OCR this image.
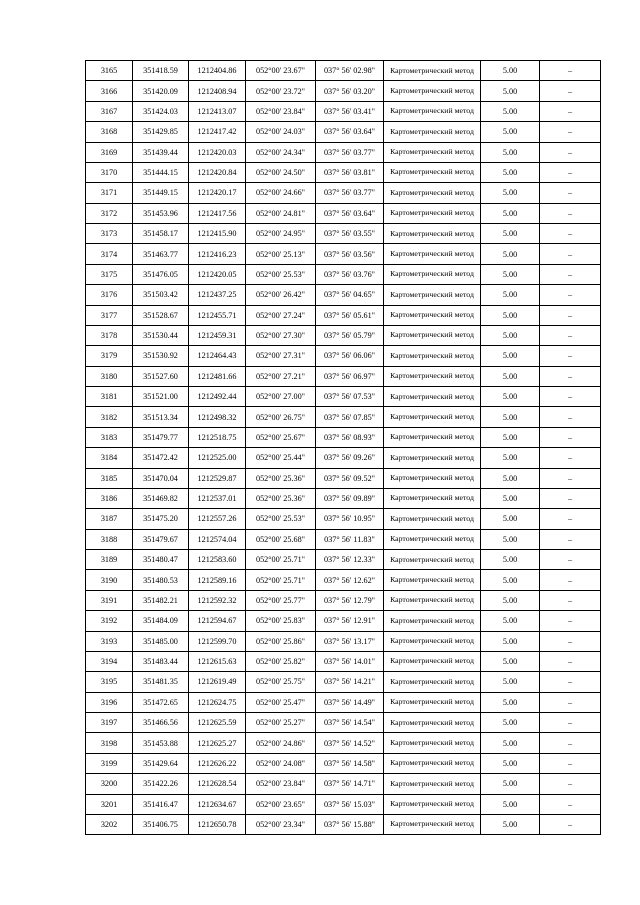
3165	351418.59	1212404.86	052°00' 23.67"	037° 56' 02.98"	Картометрический метод	5.00	–
3166	351420.09	1212408.94	052°00' 23.72"	037° 56' 03.20"	Картометрический метод	5.00	–
3167	351424.03	1212413.07	052°00' 23.84"	037° 56' 03.41"	Картометрический метод	5.00	–
3168	351429.85	1212417.42	052°00' 24.03"	037° 56' 03.64"	Картометрический метод	5.00	–
3169	351439.44	1212420.03	052°00' 24.34"	037° 56' 03.77"	Картометрический метод	5.00	–
3170	351444.15	1212420.84	052°00' 24.50"	037° 56' 03.81"	Картометрический метод	5.00	–
3171	351449.15	1212420.17	052°00' 24.66"	037° 56' 03.77"	Картометрический метод	5.00	–
3172	351453.96	1212417.56	052°00' 24.81"	037° 56' 03.64"	Картометрический метод	5.00	–
3173	351458.17	1212415.90	052°00' 24.95"	037° 56' 03.55"	Картометрический метод	5.00	–
3174	351463.77	1212416.23	052°00' 25.13"	037° 56' 03.56"	Картометрический метод	5.00	–
3175	351476.05	1212420.05	052°00' 25.53"	037° 56' 03.76"	Картометрический метод	5.00	–
3176	351503.42	1212437.25	052°00' 26.42"	037° 56' 04.65"	Картометрический метод	5.00	–
3177	351528.67	1212455.71	052°00' 27.24"	037° 56' 05.61"	Картометрический метод	5.00	–
3178	351530.44	1212459.31	052°00' 27.30"	037° 56' 05.79"	Картометрический метод	5.00	–
3179	351530.92	1212464.43	052°00' 27.31"	037° 56' 06.06"	Картометрический метод	5.00	–
3180	351527.60	1212481.66	052°00' 27.21"	037° 56' 06.97"	Картометрический метод	5.00	–
3181	351521.00	1212492.44	052°00' 27.00"	037° 56' 07.53"	Картометрический метод	5.00	–
3182	351513.34	1212498.32	052°00' 26.75"	037° 56' 07.85"	Картометрический метод	5.00	–
3183	351479.77	1212518.75	052°00' 25.67"	037° 56' 08.93"	Картометрический метод	5.00	–
3184	351472.42	1212525.00	052°00' 25.44"	037° 56' 09.26"	Картометрический метод	5.00	–
3185	351470.04	1212529.87	052°00' 25.36"	037° 56' 09.52"	Картометрический метод	5.00	–
3186	351469.82	1212537.01	052°00' 25.36"	037° 56' 09.89"	Картометрический метод	5.00	–
3187	351475.20	1212557.26	052°00' 25.53"	037° 56' 10.95"	Картометрический метод	5.00	–
3188	351479.67	1212574.04	052°00' 25.68"	037° 56' 11.83"	Картометрический метод	5.00	–
3189	351480.47	1212583.60	052°00' 25.71"	037° 56' 12.33"	Картометрический метод	5.00	–
3190	351480.53	1212589.16	052°00' 25.71"	037° 56' 12.62"	Картометрический метод	5.00	–
3191	351482.21	1212592.32	052°00' 25.77"	037° 56' 12.79"	Картометрический метод	5.00	–
3192	351484.09	1212594.67	052°00' 25.83"	037° 56' 12.91"	Картометрический метод	5.00	–
3193	351485.00	1212599.70	052°00' 25.86"	037° 56' 13.17"	Картометрический метод	5.00	–
3194	351483.44	1212615.63	052°00' 25.82"	037° 56' 14.01"	Картометрический метод	5.00	–
3195	351481.35	1212619.49	052°00' 25.75"	037° 56' 14.21"	Картометрический метод	5.00	–
3196	351472.65	1212624.75	052°00' 25.47"	037° 56' 14.49"	Картометрический метод	5.00	–
3197	351466.56	1212625.59	052°00' 25.27"	037° 56' 14.54"	Картометрический метод	5.00	–
3198	351453.88	1212625.27	052°00' 24.86"	037° 56' 14.52"	Картометрический метод	5.00	–
3199	351429.64	1212626.22	052°00' 24.08"	037° 56' 14.58"	Картометрический метод	5.00	–
3200	351422.26	1212628.54	052°00' 23.84"	037° 56' 14.71"	Картометрический метод	5.00	–
3201	351416.47	1212634.67	052°00' 23.65"	037° 56' 15.03"	Картометрический метод	5.00	–
3202	351406.75	1212650.78	052°00' 23.34"	037° 56' 15.88"	Картометрический метод	5.00	–
